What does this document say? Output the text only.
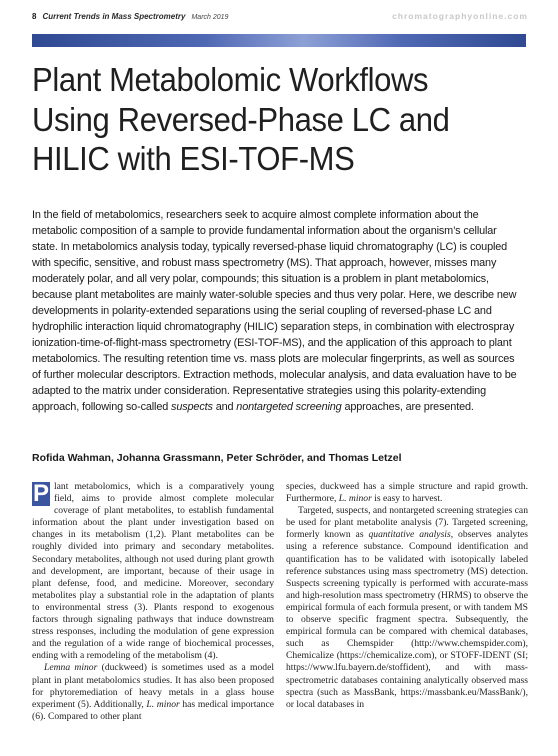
8 Current Trends in Mass Spectrometry March 2019	chromatographyonline.com
Plant Metabolomic Workflows
Using Reversed-Phase LC and
HILIC with ESI-TOF-MS

In the field of metabolomics, researchers seek to acquire almost complete information about the metabolic composition of a sample to provide fundamental information about the organism’s cellular state. In metabolomics analysis today, typically reversed-phase liquid chromatography (LC) is coupled with specific, sensitive, and robust mass spectrometry (MS). That approach, however, misses many moderately polar, and all very polar, compounds; this situation is a problem in plant metabolomics, because plant metabolites are mainly water-soluble species and thus very polar. Here, we describe new developments in polarity-extended separations using the serial coupling of reversed-phase LC and hydrophilic interaction liquid chromatography (HILIC) separation steps, in combination with electrospray ionization-time-of-flight-mass spectrometry (ESI-TOF-MS), and the application of this approach to plant metabolomics. The resulting retention time vs. mass plots are molecular fingerprints, as well as sources of further molecular descriptors. Extraction methods, molecular analysis, and data evaluation have to be adapted to the matrix under consideration. Representative strategies using this polarity-extending approach, following so-called suspects and nontargeted screening approaches, are presented.

Rofida Wahman, Johanna Grassmann, Peter Schröder, and Thomas Letzel

P lant metabolomics, which is a comparatively young field, aims to provide almost complete molecular coverage of plant metabolites, to establish fundamental information about the plant under investigation based on changes in its metabolism (1,2). Plant metabolites can be roughly divided into primary and secondary metabolites. Secondary metabolites, although not used during plant growth and development, are important, because of their usage in plant defense, food, and medicine. Moreover, secondary metabolites play a substantial role in the adaptation of plants to environmental stress (3). Plants respond to exogenous factors through signaling pathways that induce downstream stress responses, including the modulation of gene expression and the regulation of a wide range of biochemical processes, ending with a remodeling of the metabolism (4).

Lemna minor (duckweed) is sometimes used as a model plant in plant metabolomics studies. It has also been proposed for phytoremediation of heavy metals in a glass house experiment (5). Additionally, L. minor has medical importance (6). Compared to other plant

species, duckweed has a simple structure and rapid growth. Furthermore, L. minor is easy to harvest.

Targeted, suspects, and nontargeted screening strategies can be used for plant metabolite analysis (7). Targeted screening, formerly known as quantitative analysis, observes analytes using a reference substance. Compound identification and quantification has to be validated with isotopically labeled reference substances using mass spectrometry (MS) detection. Suspects screening typically is performed with accurate-mass and high-resolution mass spectrometry (HRMS) to observe the empirical formula of each formula present, or with tandem MS to observe specific fragment spectra. Subsequently, the empirical formula can be compared with chemical databases, such as Chemspider (http://www.chemspider.com), Chemicalize (https://chemicalize.com), or STOFF-IDENT (SI; https://www.lfu.bayern.de/stoffident), and with mass-spectrometric databases containing analytically observed mass spectra (such as MassBank, https://massbank.eu/MassBank/), or local databases in
